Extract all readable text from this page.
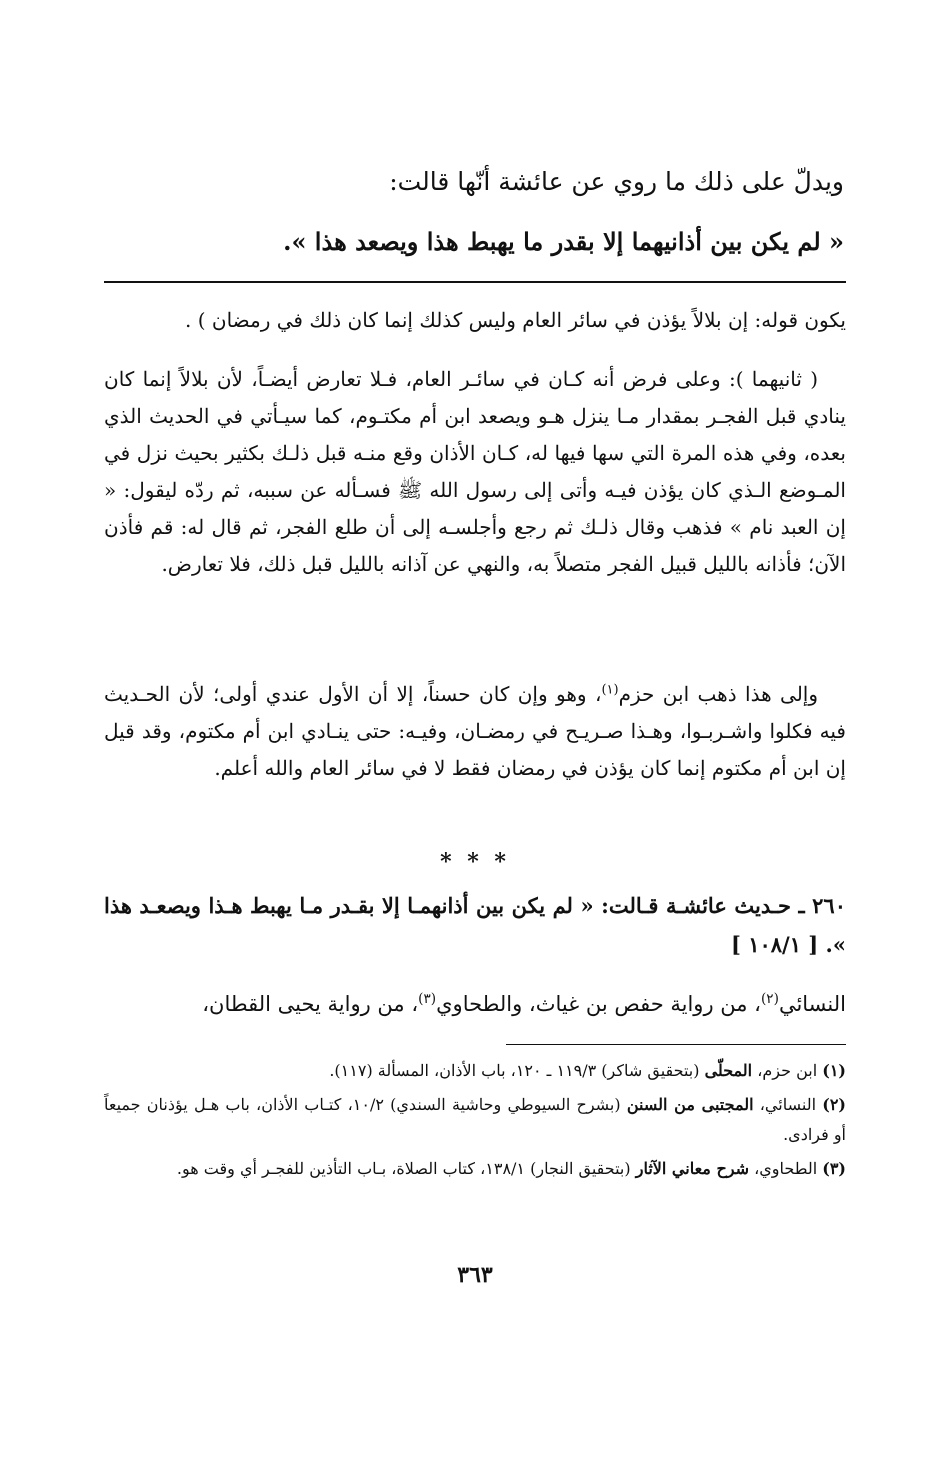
ويدلّ على ذلك ما روي عن عائشة أنّها قالت:
« لم يكن بين أذانيهما إلا بقدر ما يهبط هذا ويصعد هذا ».

يكون قوله: إن بلالاً يؤذن في سائر العام وليس كذلك إنما كان ذلك في رمضان ) .

( ثانيهما ): وعلى فرض أنه كـان في سائـر العام، فـلا تعارض أيضـاً، لأن بلالاً إنما كان ينادي قبل الفجـر بمقدار مـا ينزل هـو ويصعد ابن أم مكتـوم، كما سيـأتي في الحديث الذي بعده، وفي هذه المرة التي سها فيها له، كـان الأذان وقع منـه قبل ذلـك بكثير بحيث نزل في المـوضع الـذي كان يؤذن فيـه وأتى إلى رسول الله ﷺ فسـأله عن سببه، ثم ردّه ليقول: « إن العبد نام » فذهب وقال ذلـك ثم رجع وأجلسـه إلى أن طلع الفجر، ثم قال له: قم فأذن الآن؛ فأذانه بالليل قبيل الفجر متصلاً به، والنهي عن آذانه بالليل قبل ذلك، فلا تعارض.

وإلى هذا ذهب ابن حزم$^{(١)}$، وهو وإن كان حسناً، إلا أن الأول عندي أولى؛ لأن الحـديث فيه فكلوا واشـربـوا، وهـذا صـريـح في رمضـان، وفيـه: حتى ينـادي ابن أم مكتوم، وقد قيل إن ابن أم مكتوم إنما كان يؤذن في رمضان فقط لا في سائر العام والله أعلم.

* * *
٢٦٠ ـ حـديث عائشـة قـالت: « لم يكن بين أذانهمـا إلا بقـدر مـا يهبط هـذا ويصعـد هذا ». [ ١٠٨/١ ]
النسائي$^{(٢)}$، من رواية حفص بن غياث، والطحاوي$^{(٣)}$، من رواية يحيى القطان،

(١) ابن حزم، المحلّى (بتحقيق شاكر) ١١٩/٣ ـ ١٢٠، باب الأذان، المسألة (١١٧).

(٢) النسائي، المجتبى من السنن (بشرح السيوطي وحاشية السندي) ١٠/٢، كتـاب الأذان، باب هـل يؤذنان جميعاً أو فرادى.

(٣) الطحاوي، شرح معاني الآثار (بتحقيق النجار) ١٣٨/١، كتاب الصلاة، بـاب التأذين للفجـر أي وقت هو.

٣٦٣
